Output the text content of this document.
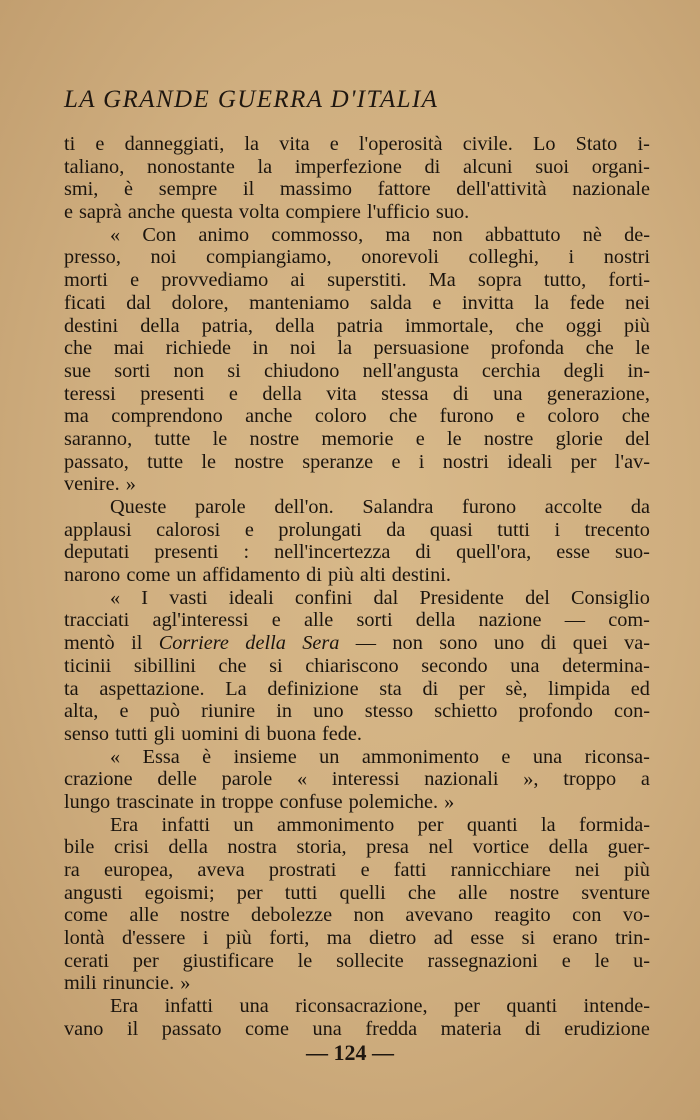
LA GRANDE GUERRA D'ITALIA
ti e danneggiati, la vita e l'operosità civile. Lo Stato i-
taliano, nonostante la imperfezione di alcuni suoi organi-
smi, è sempre il massimo fattore dell'attività nazionale
e saprà anche questa volta compiere l'ufficio suo.
« Con animo commosso, ma non abbattuto nè de-
presso, noi compiangiamo, onorevoli colleghi, i nostri
morti e provvediamo ai superstiti. Ma sopra tutto, forti-
ficati dal dolore, manteniamo salda e invitta la fede nei
destini della patria, della patria immortale, che oggi più
che mai richiede in noi la persuasione profonda che le
sue sorti non si chiudono nell'angusta cerchia degli in-
teressi presenti e della vita stessa di una generazione,
ma comprendono anche coloro che furono e coloro che
saranno, tutte le nostre memorie e le nostre glorie del
passato, tutte le nostre speranze e i nostri ideali per l'av-
venire. »
Queste parole dell'on. Salandra furono accolte da
applausi calorosi e prolungati da quasi tutti i trecento
deputati presenti : nell'incertezza di quell'ora, esse suo-
narono come un affidamento di più alti destini.
« I vasti ideali confini dal Presidente del Consiglio
tracciati agl'interessi e alle sorti della nazione — com-
mentò il Corriere della Sera — non sono uno di quei va-
ticinii sibillini che si chiariscono secondo una determina-
ta aspettazione. La definizione sta di per sè, limpida ed
alta, e può riunire in uno stesso schietto profondo con-
senso tutti gli uomini di buona fede.
« Essa è insieme un ammonimento e una riconsa-
crazione delle parole « interessi nazionali », troppo a
lungo trascinate in troppe confuse polemiche. »
Era infatti un ammonimento per quanti la formida-
bile crisi della nostra storia, presa nel vortice della guer-
ra europea, aveva prostrati e fatti rannicchiare nei più
angusti egoismi; per tutti quelli che alle nostre sventure
come alle nostre debolezze non avevano reagito con vo-
lontà d'essere i più forti, ma dietro ad esse si erano trin-
cerati per giustificare le sollecite rassegnazioni e le u-
mili rinuncie. »
Era infatti una riconsacrazione, per quanti intende-
vano il passato come una fredda materia di erudizione
— 124 —
